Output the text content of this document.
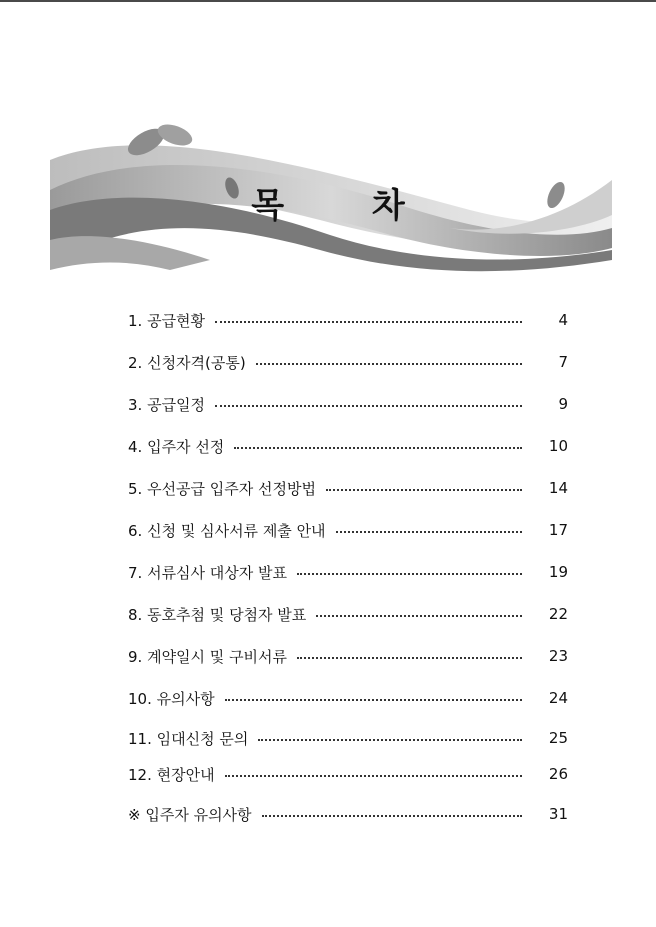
목 차
1. 공급현황	4
2. 신청자격(공통)	7
3. 공급일정	9
4. 입주자 선정	10
5. 우선공급 입주자 선정방법	14
6. 신청 및 심사서류 제출 안내	17
7. 서류심사 대상자 발표	19
8. 동호추첨 및 당첨자 발표	22
9. 계약일시 및 구비서류	23
10. 유의사항	24
11. 임대신청 문의	25
12. 현장안내	26
※ 입주자 유의사항	31
